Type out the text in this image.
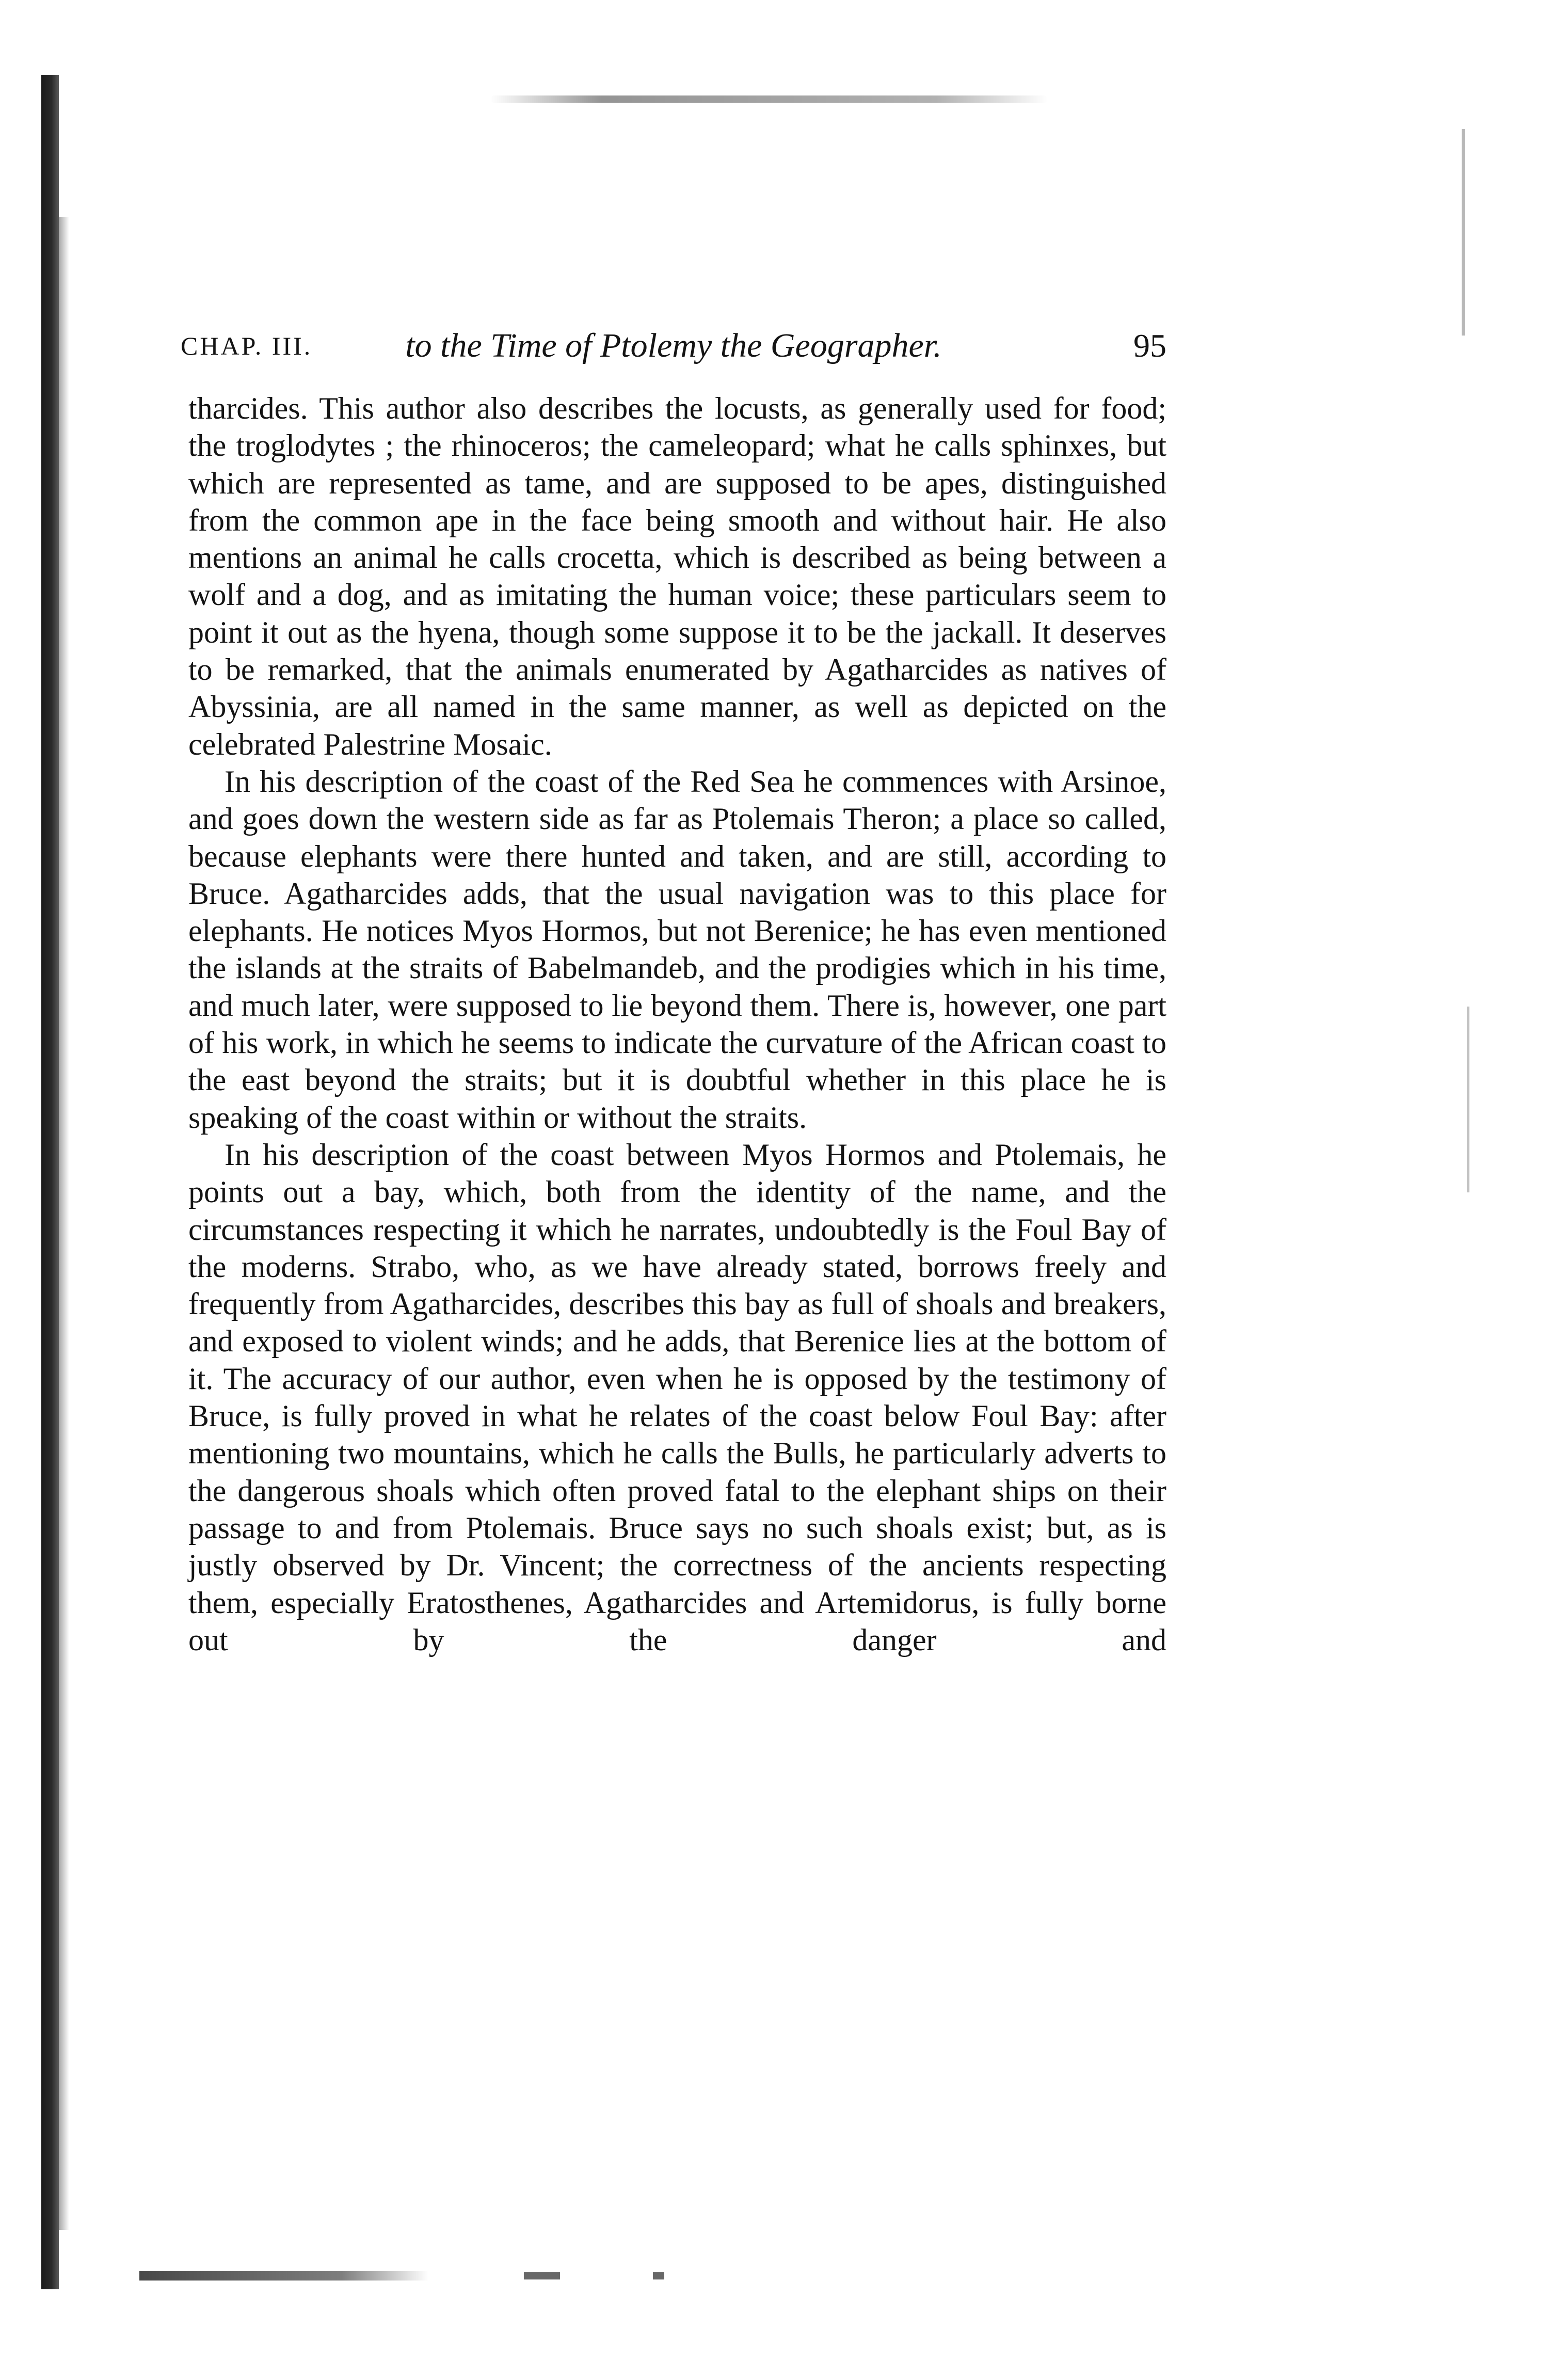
CHAP. III.	to the Time of Ptolemy the Geographer.	95

tharcides. This author also describes the locusts, as generally used for food; the troglodytes ; the rhinoceros; the cameleopard; what he calls sphinxes, but which are represented as tame, and are supposed to be apes, distinguished from the common ape in the face being smooth and without hair. He also mentions an animal he calls crocetta, which is described as being between a wolf and a dog, and as imitating the human voice; these particulars seem to point it out as the hyena, though some suppose it to be the jackall. It deserves to be remarked, that the animals enumerated by Agatharcides as natives of Abyssinia, are all named in the same manner, as well as depicted on the celebrated Palestrine Mosaic.

In his description of the coast of the Red Sea he commences with Arsinoe, and goes down the western side as far as Ptolemais Theron; a place so called, because elephants were there hunted and taken, and are still, according to Bruce. Agatharcides adds, that the usual navigation was to this place for elephants. He notices Myos Hormos, but not Berenice; he has even mentioned the islands at the straits of Babelmandeb, and the prodigies which in his time, and much later, were supposed to lie beyond them. There is, however, one part of his work, in which he seems to indicate the curvature of the African coast to the east beyond the straits; but it is doubtful whether in this place he is speaking of the coast within or without the straits.

In his description of the coast between Myos Hormos and Ptolemais, he points out a bay, which, both from the identity of the name, and the circumstances respecting it which he narrates, undoubtedly is the Foul Bay of the moderns. Strabo, who, as we have already stated, borrows freely and frequently from Agatharcides, describes this bay as full of shoals and breakers, and exposed to violent winds; and he adds, that Berenice lies at the bottom of it. The accuracy of our author, even when he is opposed by the testimony of Bruce, is fully proved in what he relates of the coast below Foul Bay: after mentioning two mountains, which he calls the Bulls, he particularly adverts to the dangerous shoals which often proved fatal to the elephant ships on their passage to and from Ptolemais. Bruce says no such shoals exist; but, as is justly observed by Dr. Vincent; the correctness of the ancients respecting them, especially Eratosthenes, Agatharcides and Artemidorus, is fully borne out by the danger and
